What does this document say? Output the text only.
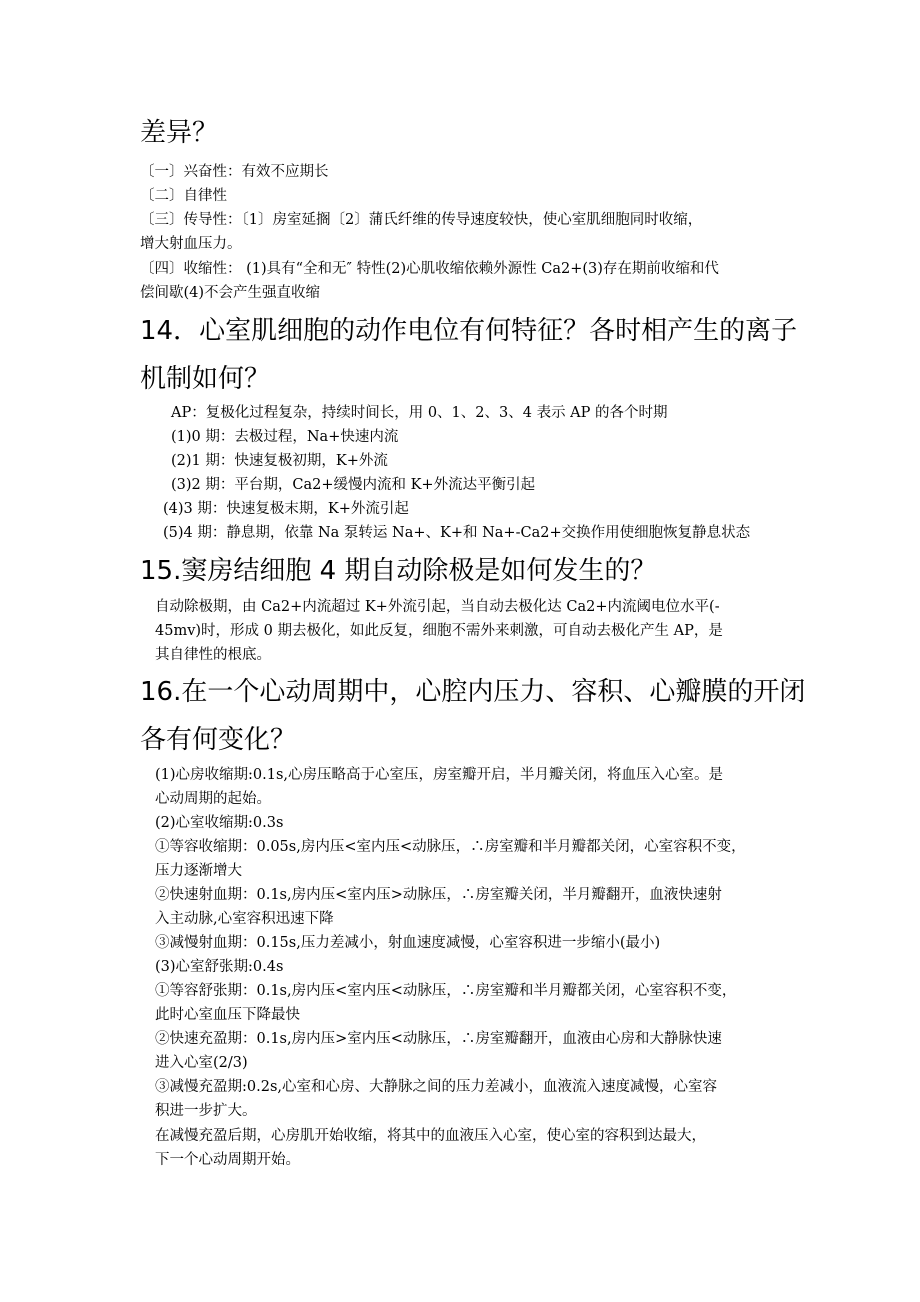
差异？
〔一〕兴奋性：有效不应期长
〔二〕自律性
〔三〕传导性：〔1〕房室延搁〔2〕蒲氏纤维的传导速度较快，使心室肌细胞同时收缩，
增大射血压力。
〔四〕收缩性： (1)具有“全和无″ 特性(2)心肌收缩依赖外源性 Ca2+(3)存在期前收缩和代
偿间歇(4)不会产生强直收缩
14．心室肌细胞的动作电位有何特征？各时相产生的离子
机制如何？
AP：复极化过程复杂，持续时间长，用 0、1、2、3、4 表示 AP 的各个时期
(1)0 期：去极过程，Na+快速内流
(2)1 期：快速复极初期，K+外流
(3)2 期：平台期，Ca2+缓慢内流和 K+外流达平衡引起
(4)3 期：快速复极末期，K+外流引起
(5)4 期：静息期，依靠 Na 泵转运 Na+、K+和 Na+-Ca2+交换作用使细胞恢复静息状态
15.窦房结细胞 4 期自动除极是如何发生的？
自动除极期，由 Ca2+内流超过 K+外流引起，当自动去极化达 Ca2+内流阈电位水平(-
45mv)时，形成 0 期去极化，如此反复，细胞不需外来刺激，可自动去极化产生 AP，是
其自律性的根底。
16.在一个心动周期中，心腔内压力、容积、心瓣膜的开闭
各有何变化？
(1)心房收缩期:0.1s,心房压略高于心室压，房室瓣开启，半月瓣关闭，将血压入心室。是
心动周期的起始。
(2)心室收缩期:0.3s
①等容收缩期：0.05s,房内压<室内压<动脉压，∴房室瓣和半月瓣都关闭，心室容积不变，
压力逐渐增大
②快速射血期：0.1s,房内压<室内压>动脉压，∴房室瓣关闭，半月瓣翻开，血液快速射
入主动脉,心室容积迅速下降
③减慢射血期：0.15s,压力差减小，射血速度减慢，心室容积进一步缩小(最小)
(3)心室舒张期:0.4s
①等容舒张期：0.1s,房内压<室内压<动脉压，∴房室瓣和半月瓣都关闭，心室容积不变，
此时心室血压下降最快
②快速充盈期：0.1s,房内压>室内压<动脉压，∴房室瓣翻开，血液由心房和大静脉快速
进入心室(2/3)
③减慢充盈期:0.2s,心室和心房、大静脉之间的压力差减小，血液流入速度减慢，心室容
积进一步扩大。
在减慢充盈后期，心房肌开始收缩，将其中的血液压入心室，使心室的容积到达最大，
下一个心动周期开始。
